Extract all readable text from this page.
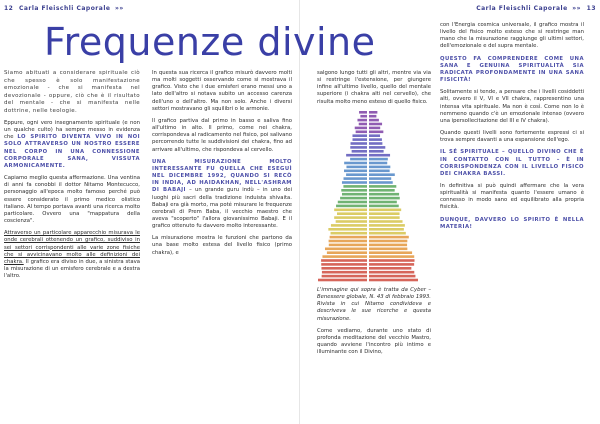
12 Carla Fleischli Caporale »»

Siamo abituati a considerare spirituale ciò che spesso è solo manifestazione emozionale - che si manifesta nel devozionale - oppure, ciò che è il risultato del mentale - che si manifesta nelle dottrine, nelle teologie.

Eppure, ogni vero insegnamento spirituale (e non un qualche culto) ha sempre messo in evidenza che LO SPIRITO DIVENTA VIVO IN NOI SOLO ATTRAVERSO UN NOSTRO ESSERE NEL CORPO IN UNA CONNESSIONE CORPORALE SANA, VISSUTA ARMONICAMENTE.

Capiamo meglio questa affermazione. Una ventina di anni fa conobbi il dottor Nitamo Montecucco, personaggio all'epoca molto famoso perché può essere considerato il primo medico olistico italiano. Al tempo portava avanti una ricerca molto particolare. Ovvero una "mappatura della coscienza".

Attraverso un particolare apparecchio misurava le onde cerebrali ottenendo un grafico, suddiviso in sei settori corrispondenti alle varie zone fisiche che si avvicinavano molto alle definizioni dei chakra. Il grafico era diviso in due, a sinistra stava la misurazione di un emisfero cerebrale e a destra l'altro.

In questa sua ricerca il grafico misurò davvero molti ma molti soggetti osservando come si mostrava il grafico. Visto che i due emisferi erano messi uno a lato dell'altro si notava subito un accesso carenza dell'uno o dell'altro. Ma non solo. Anche i diversi settori mostravano gli squilibri o le armonie.

Il grafico partiva dal primo in basso e saliva fino all'ultimo in alto. Il primo, come nei chakra, corrispondeva al radicamento nel fisico, poi salivano percorrendo tutte le suddivisioni dei chakra, fino ad arrivare all'ultimo, che rispondeva al cervello.

UNA MISURAZIONE MOLTO INTERESSANTE FU QUELLA CHE ESEGUÌ NEL DICEMBRE 1992, QUANDO SI RECÒ IN INDIA, AD HAIDAKHAN, NELL'ASHRAM DI BABAJI – un grande guru indù – in uno dei luoghi più sacri della tradizione induista shivaita. Babaji era già morto, ma poté misurare le frequenze cerebrali di Prem Baba, il vecchio maestro che aveva "scoperto" l'allora giovanissimo Babaji. E il grafico ottenuto fu davvero molto interessante.

La misurazione mostra le funzioni che partono da una base molto estesa del livello fisico (primo chakra), e

Frequenze divine
Carla Fleischli Caporale »» 13

salgono lungo tutti gli altri, mentre via via si restringe l'estensione, per giungere infine all'ultimo livello, quello del mentale superiore (i chakra alti nel cervello), che risulta molto meno esteso di quello fisico.

L'immagine qui sopra è tratta da Cyber – Benessere globale, N. 43 di febbraio 1993. Rivista in cui Nitamo condivideva e descriveva le sue ricerche e questa misurazione.

Come vediamo, durante uno stato di profonda meditazione del vecchio Mastro, quando avviene l'incontro più intimo e illuminante con il Divino,

con l'Energia cosmica universale, il grafico mostra il livello del fisico molto esteso che si restringe man mano che la misurazione raggiunge gli ultimi settori, dell'emozionale e del supra mentale.

QUESTO FA COMPRENDERE COME UNA SANA E GENUINA SPIRITUALITÀ SIA RADICATA PROFONDAMENTE IN UNA SANA FISICITÀ!

Solitamente si tende, a pensare che i livelli cosiddetti alti, ovvero il V, VI e VII chakra, rappresentino una intensa vita spirituale. Ma non è così. Come non lo è nemmeno quando c'è un emozionale intenso (ovvero una ipersollecitazione del III e IV chakra).

Quando questi livelli sono fortemente espressi ci si trova sempre davanti a una espansione dell'ego.

IL SÉ SPIRITUALE – QUELLO DIVINO CHE È IN CONTATTO CON IL TUTTO – È IN CORRISPONDENZA CON IL LIVELLO FISICO DEI CHAKRA BASSI.

In definitiva si può quindi affermare che la vera spiritualità si manifesta quanto l'essere umano è connesso in modo sano ed equilibrato alla propria fisicità.

DUNQUE, DAVVERO LO SPIRITO È NELLA MATERIA!
